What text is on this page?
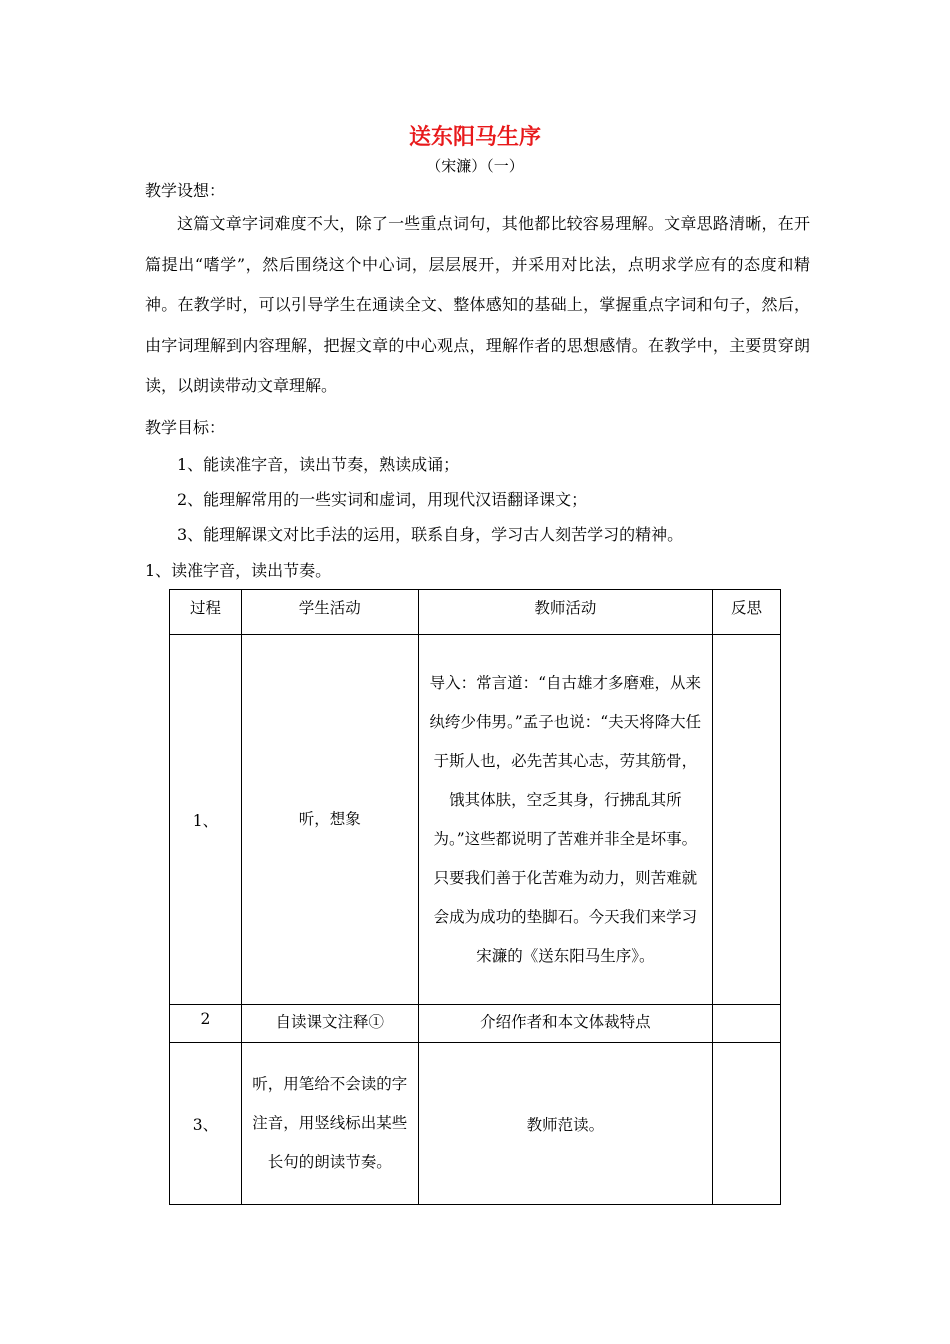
送东阳马生序
（宋濂）（一）
教学设想：

这篇文章字词难度不大，除了一些重点词句，其他都比较容易理解。文章思路清晰，在开篇提出“嗜学”，然后围绕这个中心词，层层展开，并采用对比法，点明求学应有的态度和精神。在教学时，可以引导学生在通读全文、整体感知的基础上，掌握重点字词和句子，然后，由字词理解到内容理解，把握文章的中心观点，理解作者的思想感情。在教学中，主要贯穿朗读，以朗读带动文章理解。

教学目标：
1、能读准字音，读出节奏，熟读成诵；
2、能理解常用的一些实词和虚词，用现代汉语翻译课文；
3、能理解课文对比手法的运用，联系自身，学习古人刻苦学习的精神。
1、读准字音，读出节奏。
过程	学生活动	教师活动	反思
1、	听，想象	导入：常言道：“自古雄才多磨难，从来纨绔少伟男。”孟子也说：“夫天将降大任于斯人也，必先苦其心志，劳其筋骨，饿其体肤，空乏其身，行拂乱其所为。”这些都说明了苦难并非全是坏事。只要我们善于化苦难为动力，则苦难就会成为成功的垫脚石。今天我们来学习宋濂的《送东阳马生序》。	

2	自读课文注释①	介绍作者和本文体裁特点	

3、	听，用笔给不会读的字注音，用竖线标出某些长句的朗读节奏。	教师范读。	
